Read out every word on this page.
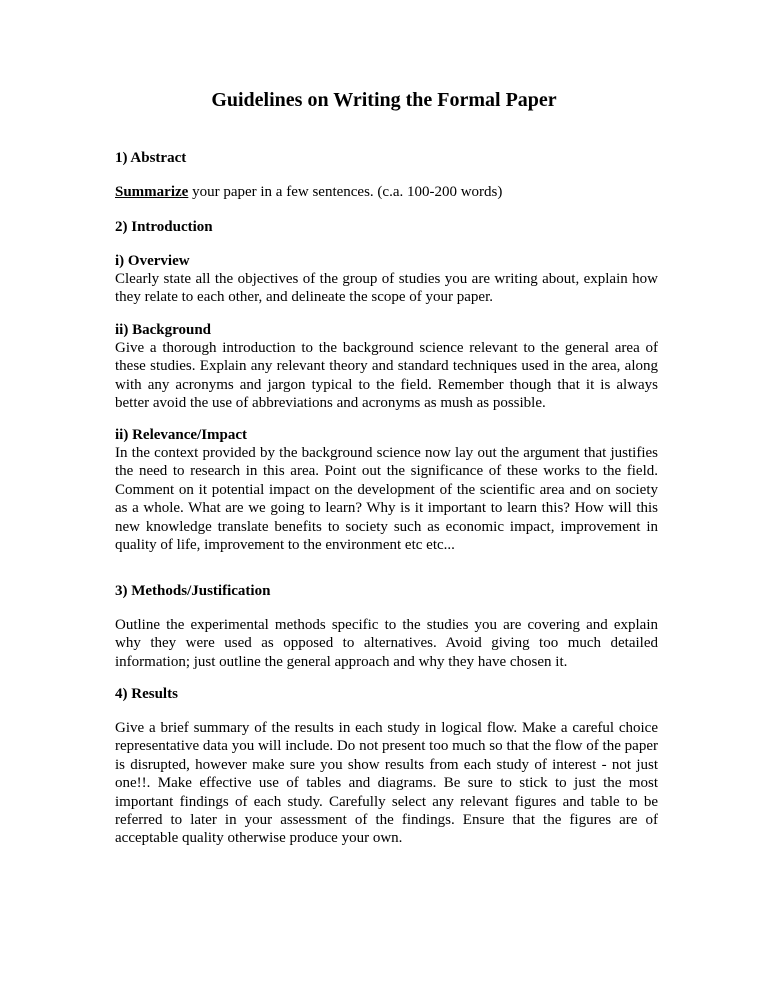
Guidelines on Writing the Formal Paper
1) Abstract

Summarize your paper in a few sentences. (c.a. 100-200 words)

2) Introduction
i) Overview

Clearly state all the objectives of the group of studies you are writing about, explain how they relate to each other, and delineate the scope of your paper.

ii) Background

Give a thorough introduction to the background science relevant to the general area of these studies. Explain any relevant theory and standard techniques used in the area, along with any acronyms and jargon typical to the field. Remember though that it is always better avoid the use of abbreviations and acronyms as mush as possible.

ii) Relevance/Impact

In the context provided by the background science now lay out the argument that justifies the need to research in this area. Point out the significance of these works to the field. Comment on it potential impact on the development of the scientific area and on society as a whole. What are we going to learn? Why is it important to learn this? How will this new knowledge translate benefits to society such as economic impact, improvement in quality of life, improvement to the environment etc etc...

3) Methods/Justification

Outline the experimental methods specific to the studies you are covering and explain why they were used as opposed to alternatives. Avoid giving too much detailed information; just outline the general approach and why they have chosen it.

4) Results

Give a brief summary of the results in each study in logical flow. Make a careful choice representative data you will include. Do not present too much so that the flow of the paper is disrupted, however make sure you show results from each study of interest - not just one!!. Make effective use of tables and diagrams. Be sure to stick to just the most important findings of each study. Carefully select any relevant figures and table to be referred to later in your assessment of the findings. Ensure that the figures are of acceptable quality otherwise produce your own.
